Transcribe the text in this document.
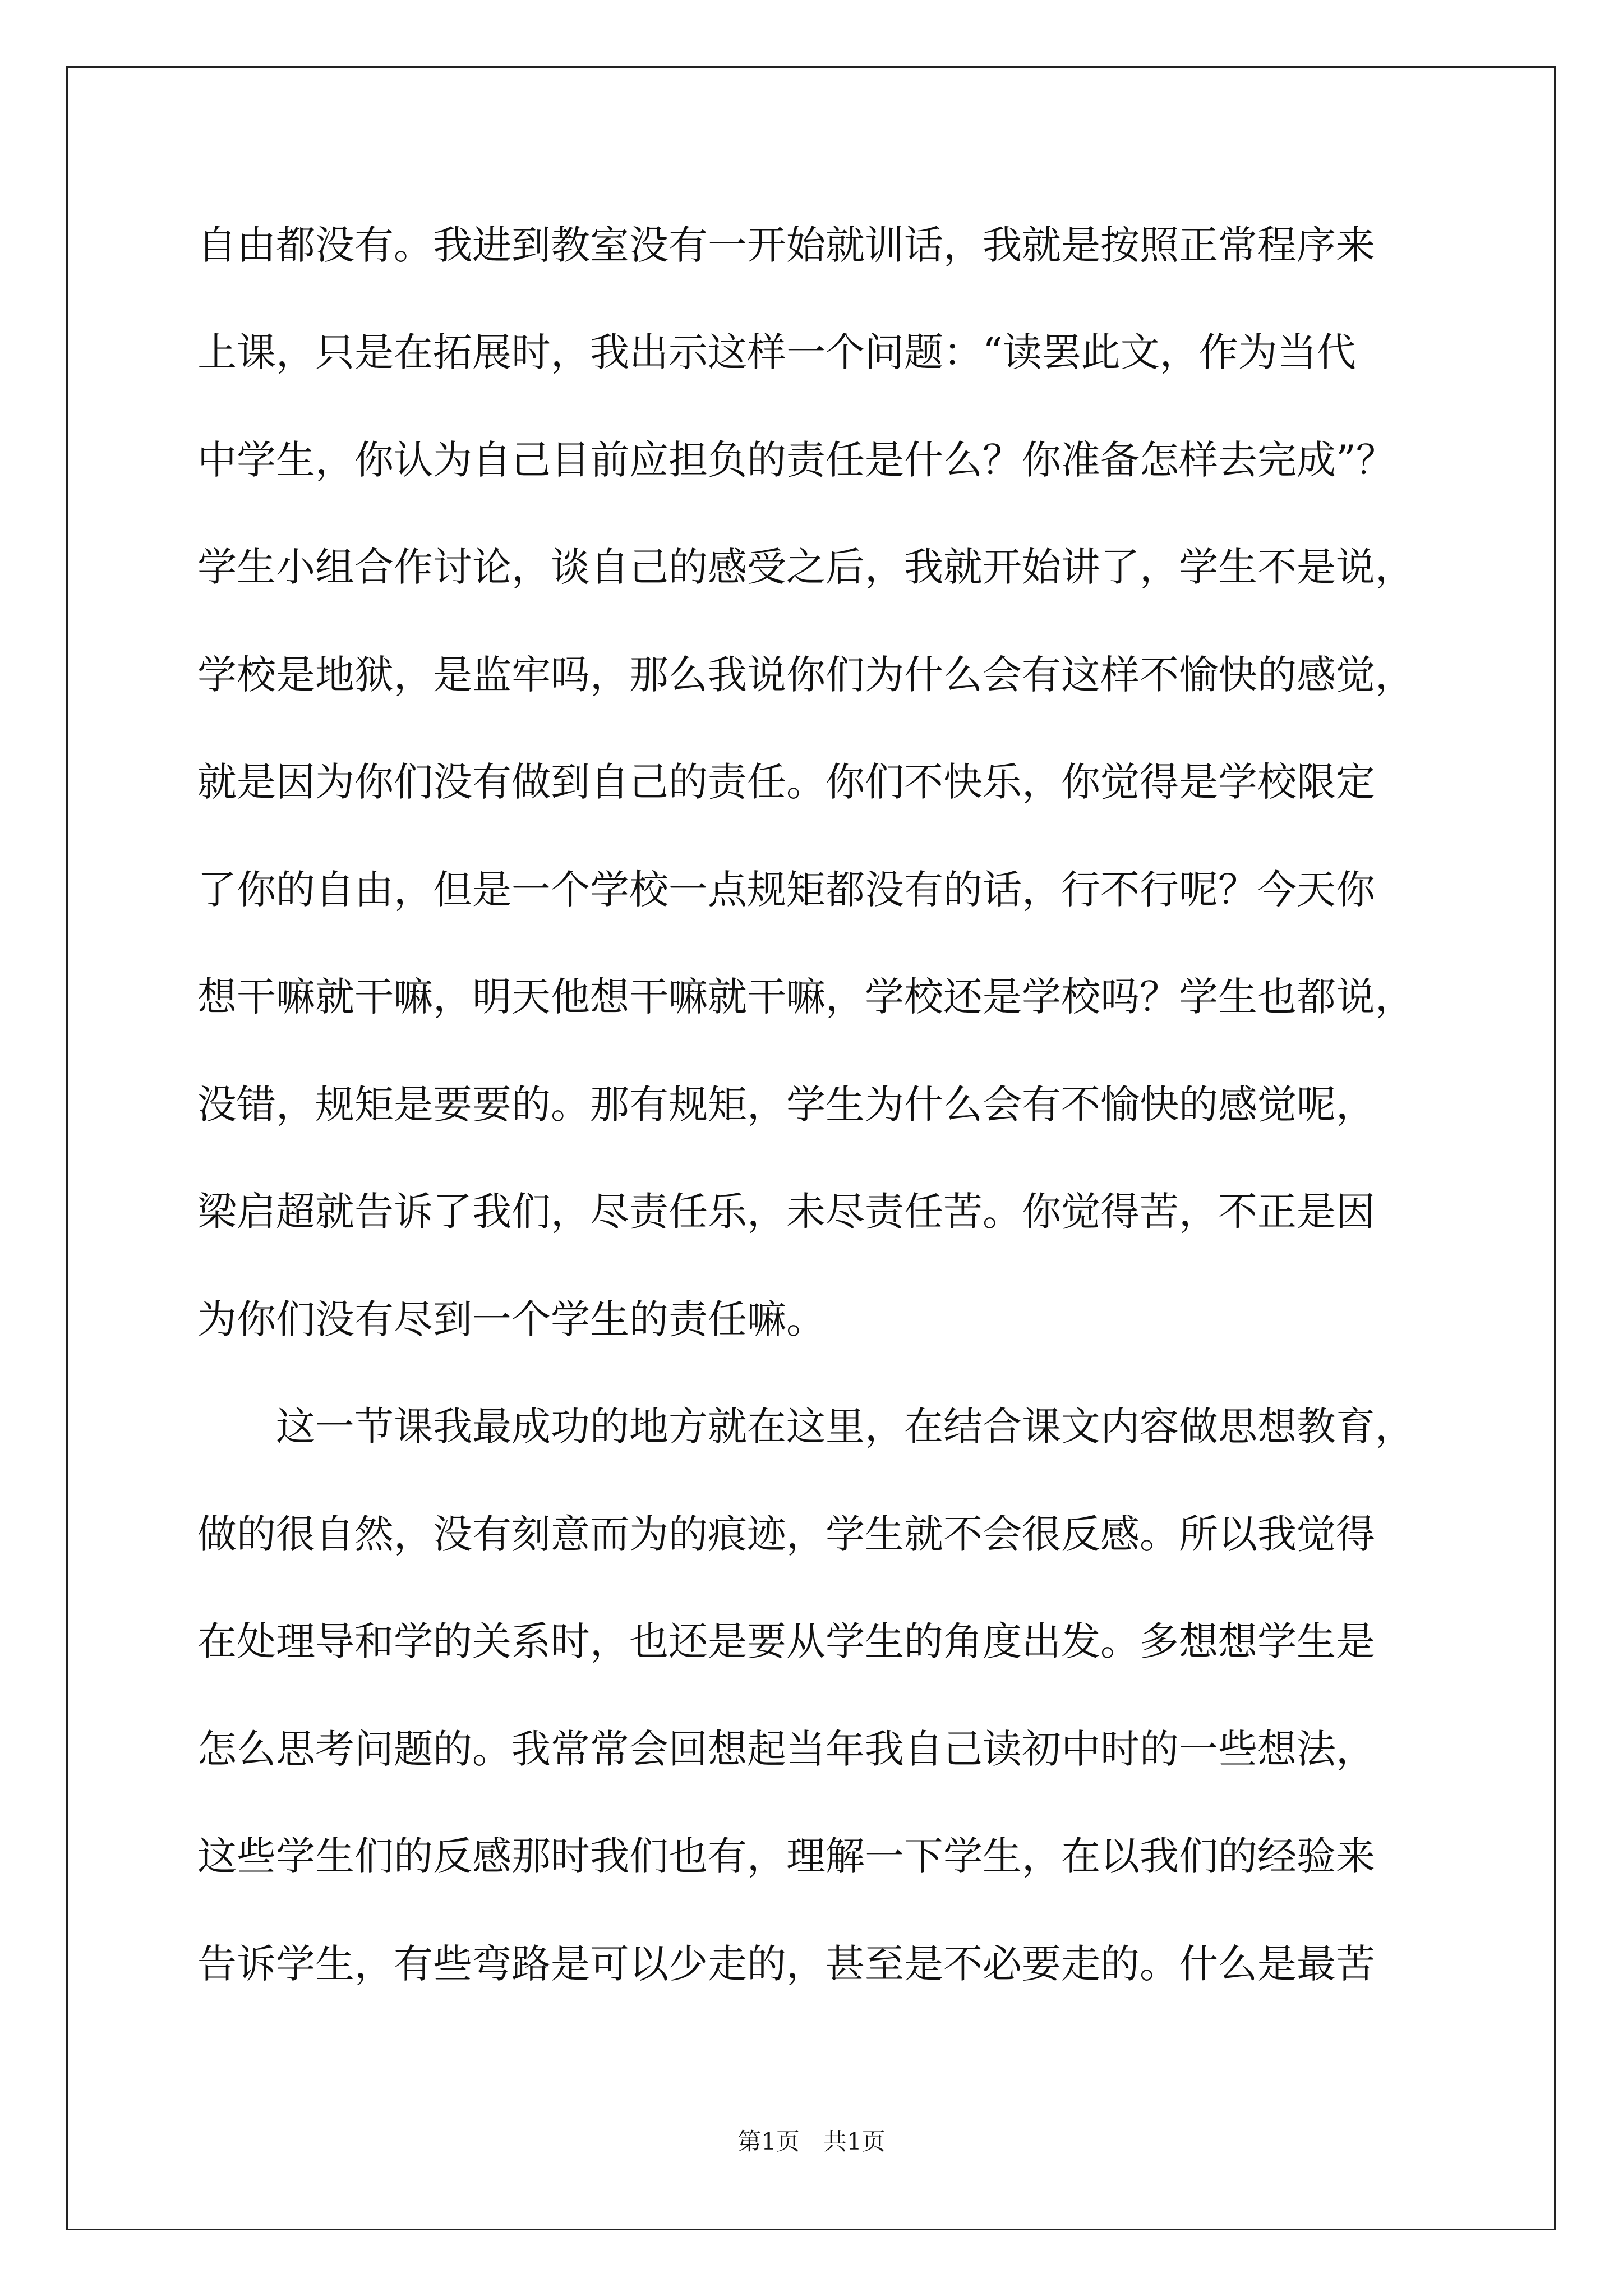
自由都没有。我进到教室没有一开始就训话，我就是按照正常程序来
上课，只是在拓展时，我出示这样一个问题：“读罢此文，作为当代
中学生，你认为自己目前应担负的责任是什么？你准备怎样去完成”？
学生小组合作讨论，谈自己的感受之后，我就开始讲了，学生不是说，
学校是地狱，是监牢吗，那么我说你们为什么会有这样不愉快的感觉，
就是因为你们没有做到自己的责任。你们不快乐，你觉得是学校限定
了你的自由，但是一个学校一点规矩都没有的话，行不行呢？今天你
想干嘛就干嘛，明天他想干嘛就干嘛，学校还是学校吗？学生也都说，
没错，规矩是要要的。那有规矩，学生为什么会有不愉快的感觉呢，
梁启超就告诉了我们，尽责任乐，未尽责任苦。你觉得苦，不正是因
为你们没有尽到一个学生的责任嘛。
　　这一节课我最成功的地方就在这里，在结合课文内容做思想教育，
做的很自然，没有刻意而为的痕迹，学生就不会很反感。所以我觉得
在处理导和学的关系时，也还是要从学生的角度出发。多想想学生是
怎么思考问题的。我常常会回想起当年我自己读初中时的一些想法，
这些学生们的反感那时我们也有，理解一下学生，在以我们的经验来
告诉学生，有些弯路是可以少走的，甚至是不必要走的。什么是最苦
第1页　共1页
